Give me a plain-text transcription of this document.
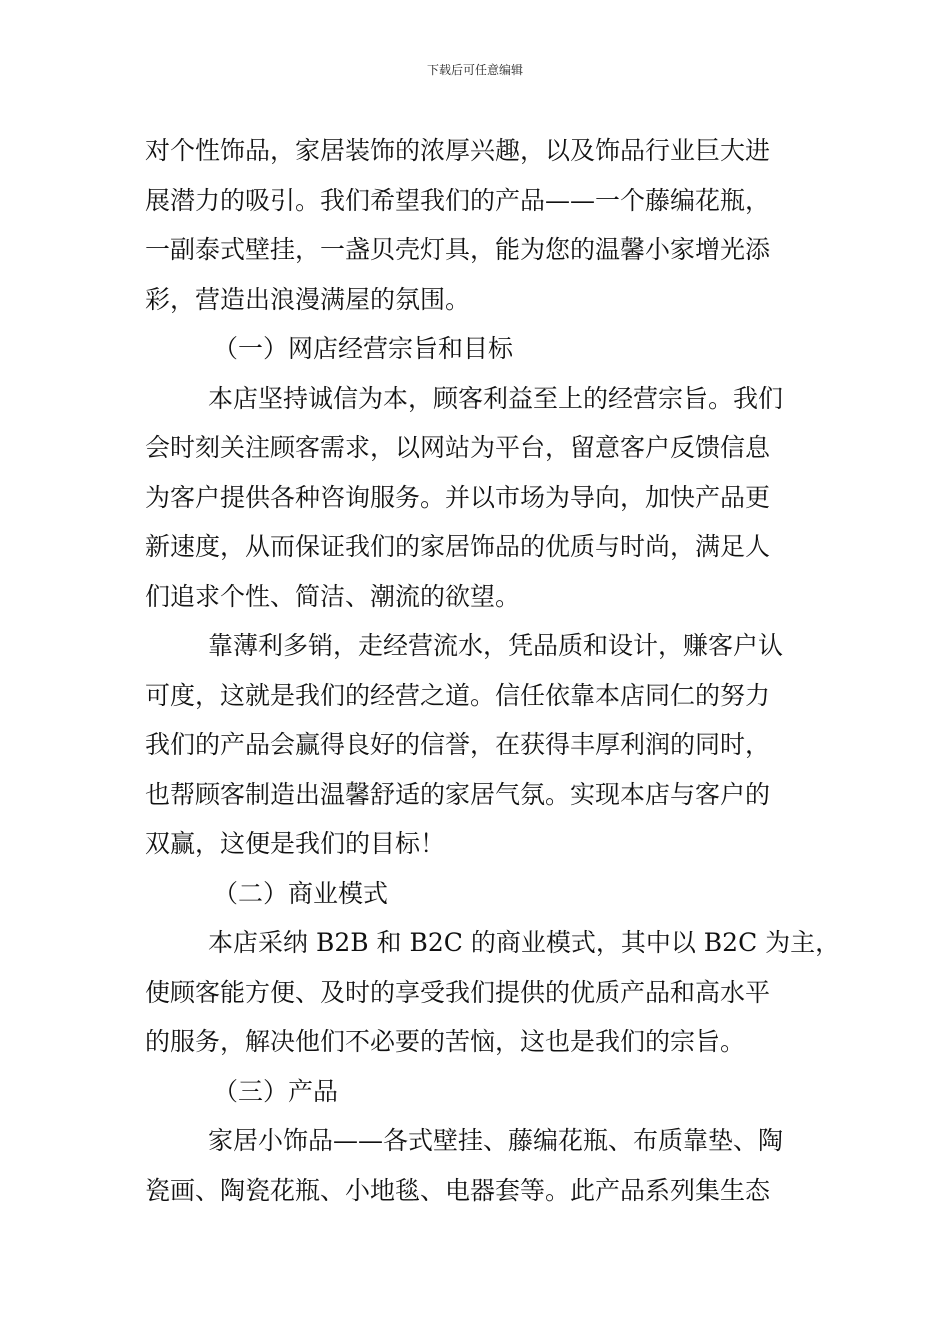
下载后可任意编辑
对个性饰品，家居装饰的浓厚兴趣，以及饰品行业巨大进
展潜力的吸引。我们希望我们的产品——一个藤编花瓶，
一副泰式壁挂，一盏贝壳灯具，能为您的温馨小家增光添
彩，营造出浪漫满屋的氛围。
（一）网店经营宗旨和目标
本店坚持诚信为本，顾客利益至上的经营宗旨。我们
会时刻关注顾客需求，以网站为平台，留意客户反馈信息
为客户提供各种咨询服务。并以市场为导向，加快产品更
新速度，从而保证我们的家居饰品的优质与时尚，满足人
们追求个性、简洁、潮流的欲望。
靠薄利多销，走经营流水，凭品质和设计，赚客户认
可度，这就是我们的经营之道。信任依靠本店同仁的努力
我们的产品会赢得良好的信誉，在获得丰厚利润的同时，
也帮顾客制造出温馨舒适的家居气氛。实现本店与客户的
双赢，这便是我们的目标！
（二）商业模式
本店采纳 B2B 和 B2C 的商业模式，其中以 B2C 为主，
使顾客能方便、及时的享受我们提供的优质产品和高水平
的服务，解决他们不必要的苦恼，这也是我们的宗旨。
（三）产品
家居小饰品——各式壁挂、藤编花瓶、布质靠垫、陶
瓷画、陶瓷花瓶、小地毯、电器套等。此产品系列集生态
